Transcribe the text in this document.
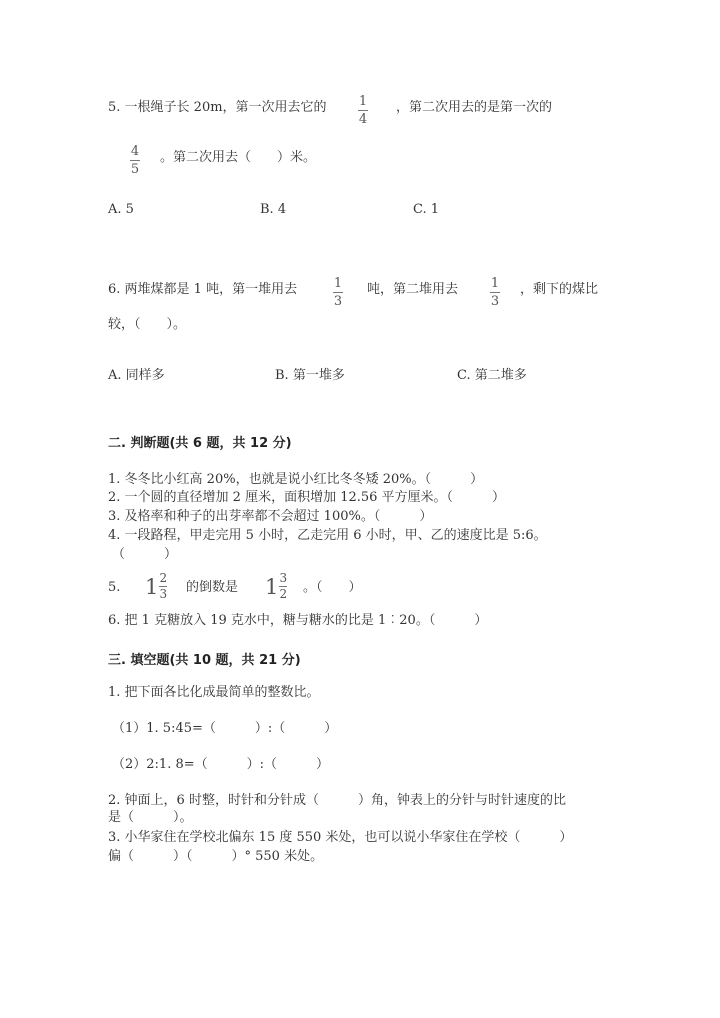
5. 一根绳子长 20m，第一次用去它的 1
4
，第二次用去的是第一次的
4
5
。第二次用去（　　）米。
A. 5	B. 4	C. 1
6. 两堆煤都是 1 吨，第一堆用去	1
3
吨，第二堆用去	1
3
，剩下的煤比
较，（　　）。
A. 同样多	B. 第一堆多	C. 第二堆多
二. 判断题(共 6 题，共 12 分)
1. 冬冬比小红高 20%，也就是说小红比冬冬矮 20%。（　　　）
2. 一个圆的直径增加 2 厘米，面积增加 12.56 平方厘米。（　　　）
3. 及格率和种子的出芽率都不会超过 100%。（　　　）
4. 一段路程，甲走完用 5 小时，乙走完用 6 小时，甲、乙的速度比是 5:6。
（　　　）
5. $1 \frac{2}{3}$ 的倒数是 $1 \frac{3}{2}$ 。（　　）
6. 把 1 克糖放入 19 克水中，糖与糖水的比是 1︰20。（　　　）
三. 填空题(共 10 题，共 21 分)
1. 把下面各比化成最简单的整数比。
（1）1. 5:45=（　　　）:（　　　）
（2）2:1. 8=（　　　）:（　　　）
2. 钟面上，6 时整，时针和分针成（　　　）角，钟表上的分针与时针速度的比
是（　　　）。
3. 小华家住在学校北偏东 15 度 550 米处，也可以说小华家住在学校（　　　）
偏（　　　）（　　　）° 550 米处。
